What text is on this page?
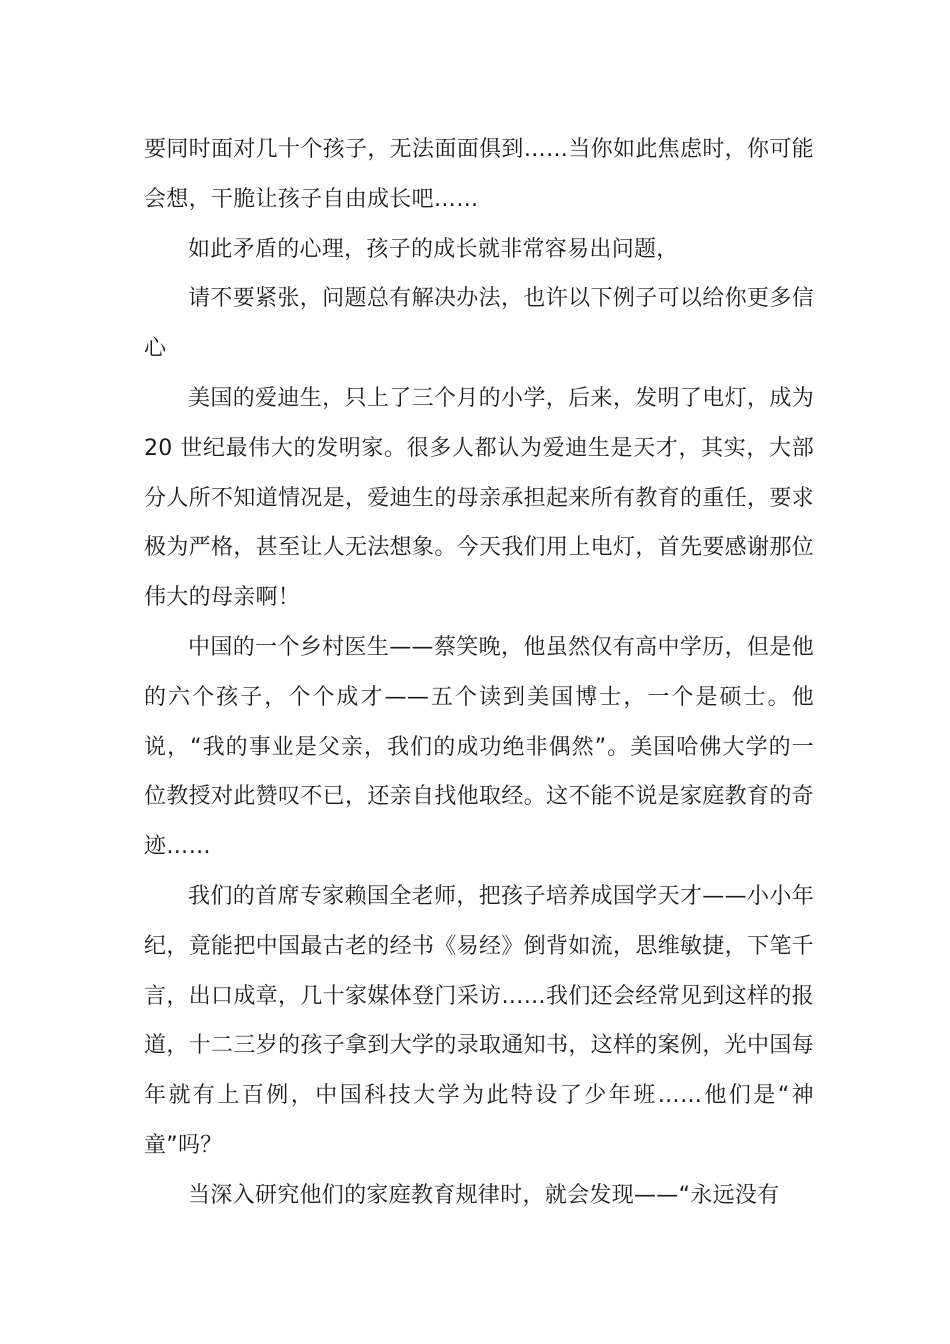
要同时面对几十个孩子，无法面面俱到……当你如此焦虑时，你可能会想，干脆让孩子自由成长吧……

如此矛盾的心理，孩子的成长就非常容易出问题，

请不要紧张，问题总有解决办法，也许以下例子可以给你更多信心

美国的爱迪生，只上了三个月的小学，后来，发明了电灯，成为 20 世纪最伟大的发明家。很多人都认为爱迪生是天才，其实，大部分人所不知道情况是，爱迪生的母亲承担起来所有教育的重任，要求极为严格，甚至让人无法想象。今天我们用上电灯，首先要感谢那位伟大的母亲啊！

中国的一个乡村医生——蔡笑晚，他虽然仅有高中学历，但是他的六个孩子，个个成才——五个读到美国博士，一个是硕士。他说，“我的事业是父亲，我们的成功绝非偶然”。美国哈佛大学的一位教授对此赞叹不已，还亲自找他取经。这不能不说是家庭教育的奇迹……

我们的首席专家赖国全老师，把孩子培养成国学天才——小小年纪，竟能把中国最古老的经书《易经》倒背如流，思维敏捷，下笔千言，出口成章，几十家媒体登门采访……我们还会经常见到这样的报道，十二三岁的孩子拿到大学的录取通知书，这样的案例，光中国每年就有上百例，中国科技大学为此特设了少年班……他们是“神童”吗？

当深入研究他们的家庭教育规律时，就会发现——“永远没有
